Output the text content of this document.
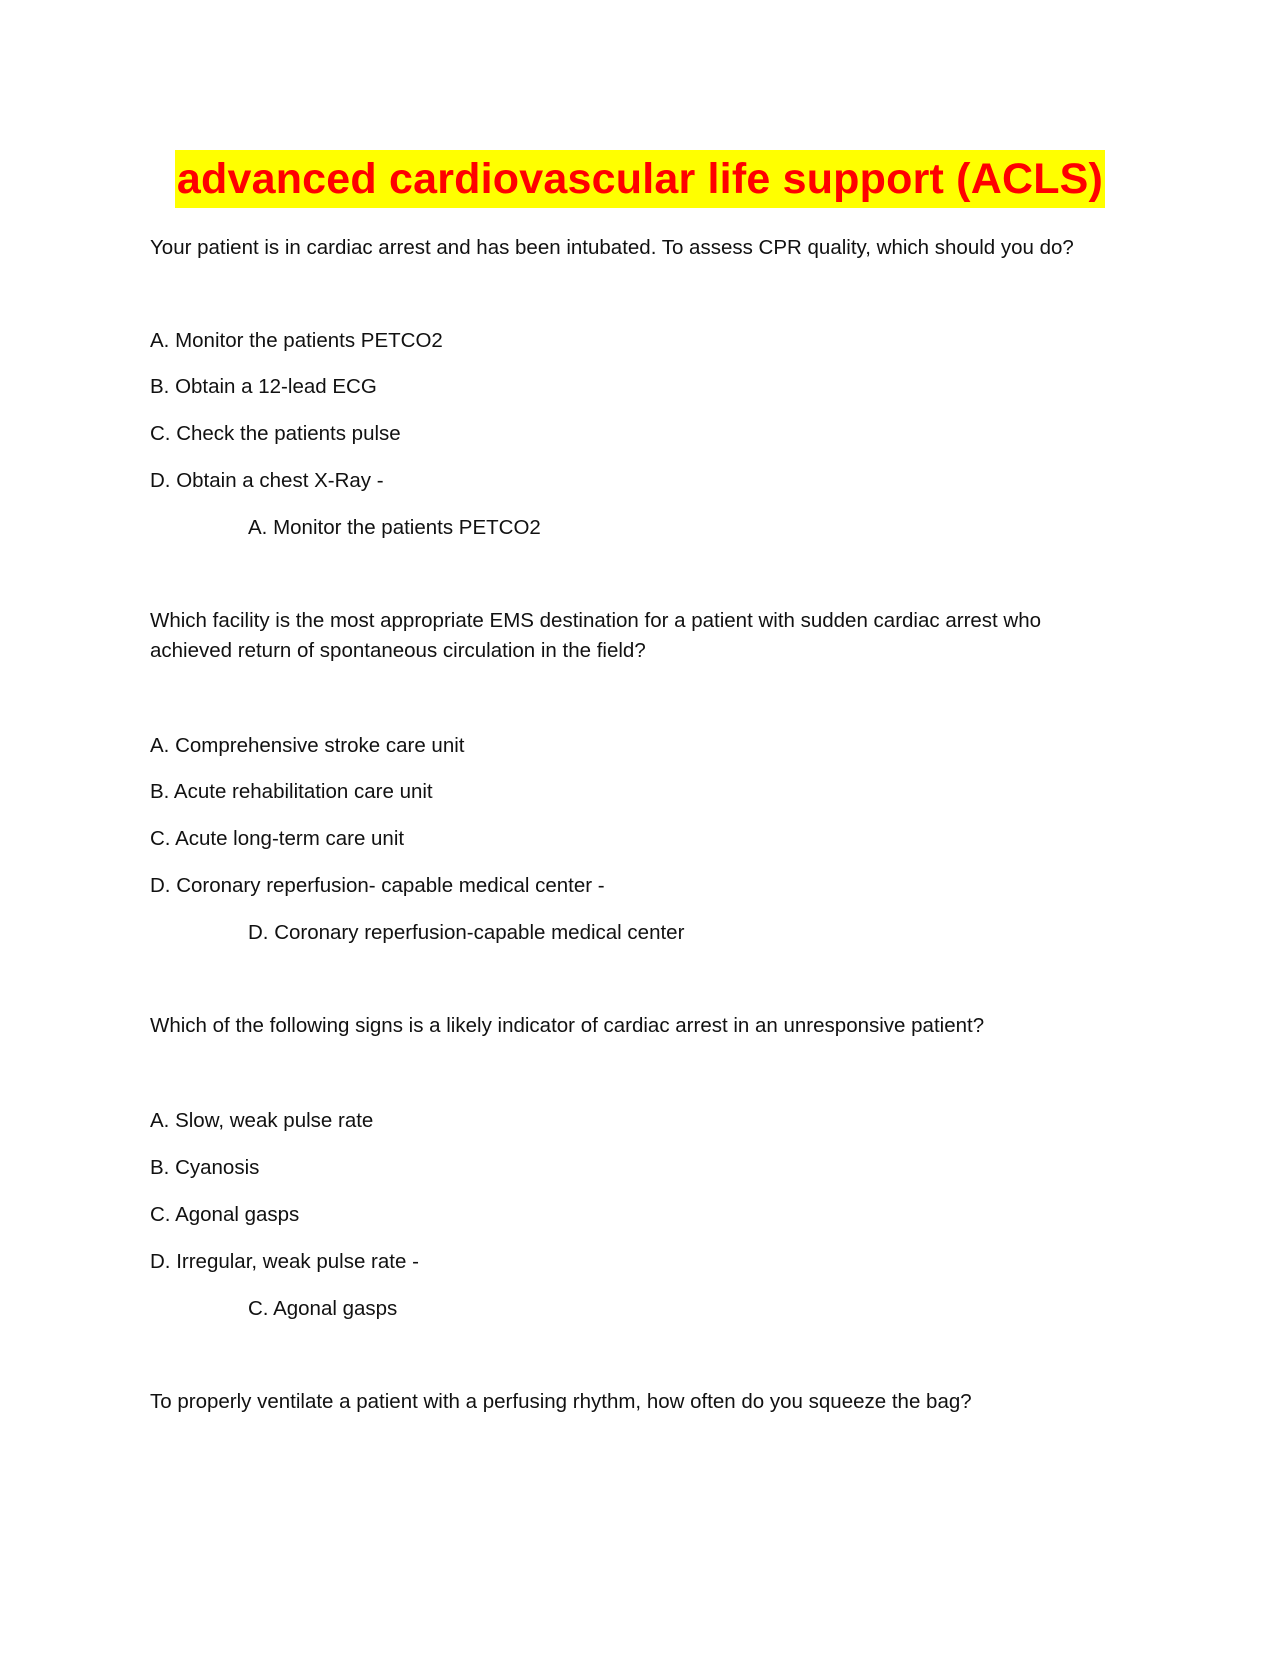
advanced cardiovascular life support (ACLS)
Your patient is in cardiac arrest and has been intubated. To assess CPR quality, which should you do?
A. Monitor the patients PETCO2
B. Obtain a 12-lead ECG
C. Check the patients pulse
D. Obtain a chest X-Ray -
A. Monitor the patients PETCO2
Which facility is the most appropriate EMS destination for a patient with sudden cardiac arrest who achieved return of spontaneous circulation in the field?
A. Comprehensive stroke care unit
B. Acute rehabilitation care unit
C. Acute long-term care unit
D. Coronary reperfusion- capable medical center -
D. Coronary reperfusion-capable medical center
Which of the following signs is a likely indicator of cardiac arrest in an unresponsive patient?
A. Slow, weak pulse rate
B. Cyanosis
C. Agonal gasps
D. Irregular, weak pulse rate -
C. Agonal gasps
To properly ventilate a patient with a perfusing rhythm, how often do you squeeze the bag?
